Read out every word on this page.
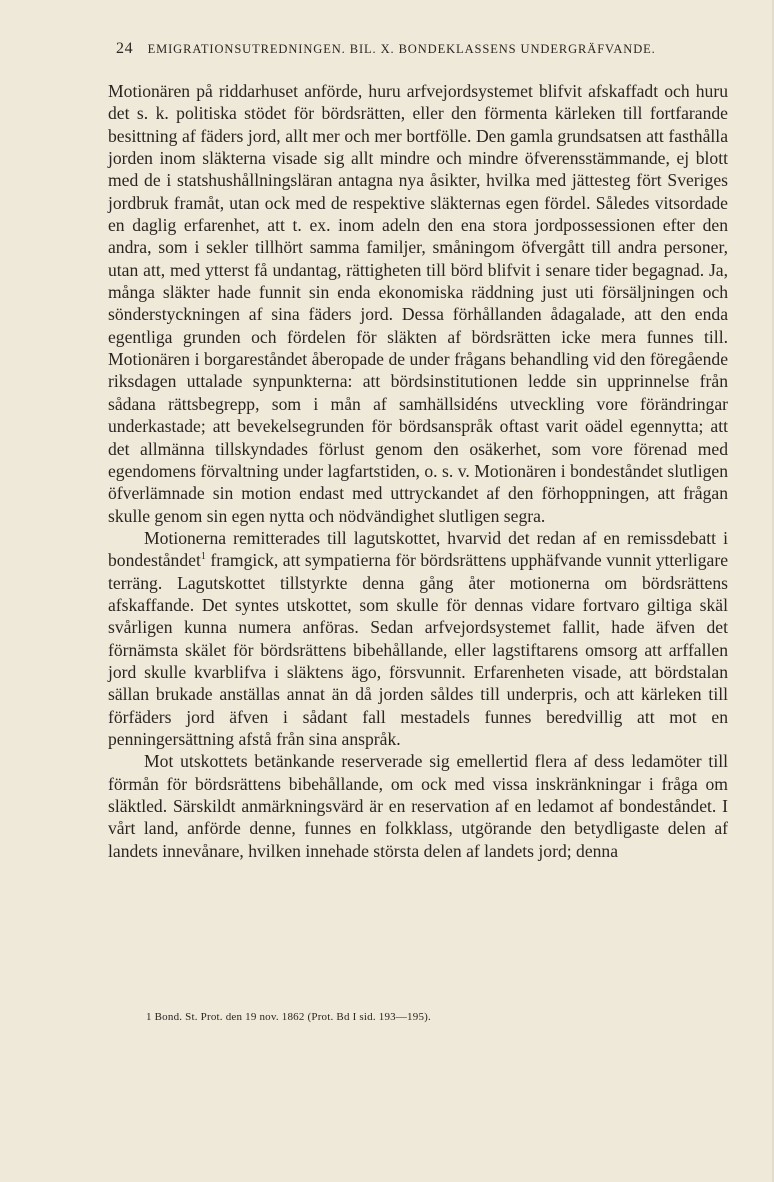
24 EMIGRATIONSUTREDNINGEN. BIL. X. BONDEKLASSENS UNDERGRÄFVANDE.

Motionären på riddarhuset anförde, huru arfvejordsystemet blifvit afskaffadt och huru det s. k. politiska stödet för bördsrätten, eller den förmenta kärleken till fortfarande besittning af fäders jord, allt mer och mer bortfölle. Den gamla grundsatsen att fasthålla jorden inom släkterna visade sig allt mindre och mindre öfverensstämmande, ej blott med de i statshushållningsläran antagna nya åsikter, hvilka med jättesteg fört Sveriges jordbruk framåt, utan ock med de respektive släkternas egen fördel. Således vitsordade en daglig erfarenhet, att t. ex. inom adeln den ena stora jordpossessionen efter den andra, som i sekler tillhört samma familjer, småningom öfvergått till andra personer, utan att, med ytterst få undantag, rättigheten till börd blifvit i senare tider begagnad. Ja, många släkter hade funnit sin enda ekonomiska räddning just uti försäljningen och sönderstyckningen af sina fäders jord. Dessa förhållanden ådagalade, att den enda egentliga grunden och fördelen för släkten af bördsrätten icke mera funnes till. Motionären i borgareståndet åberopade de under frågans behandling vid den föregående riksdagen uttalade synpunkterna: att bördsinstitutionen ledde sin upprinnelse från sådana rättsbegrepp, som i mån af samhällsidéns utveckling vore förändringar underkastade; att bevekelsegrunden för bördsanspråk oftast varit oädel egennytta; att det allmänna tillskyndades förlust genom den osäkerhet, som vore förenad med egendomens förvaltning under lagfartstiden, o. s. v. Motionären i bondeståndet slutligen öfverlämnade sin motion endast med uttryckandet af den förhoppningen, att frågan skulle genom sin egen nytta och nödvändighet slutligen segra.

Motionerna remitterades till lagutskottet, hvarvid det redan af en remissdebatt i bondeståndet$^1$ framgick, att sympatierna för bördsrättens upphäfvande vunnit ytterligare terräng. Lagutskottet tillstyrkte denna gång åter motionerna om bördsrättens afskaffande. Det syntes utskottet, som skulle för dennas vidare fortvaro giltiga skäl svårligen kunna numera anföras. Sedan arfvejordsystemet fallit, hade äfven det förnämsta skälet för bördsrättens bibehållande, eller lagstiftarens omsorg att arffallen jord skulle kvarblifva i släktens ägo, försvunnit. Erfarenheten visade, att bördstalan sällan brukade anställas annat än då jorden såldes till underpris, och att kärleken till förfäders jord äfven i sådant fall mestadels funnes beredvillig att mot en penningersättning afstå från sina anspråk.

Mot utskottets betänkande reserverade sig emellertid flera af dess ledamöter till förmån för bördsrättens bibehållande, om ock med vissa inskränkningar i fråga om släktled. Särskildt anmärkningsvärd är en reservation af en ledamot af bondeståndet. I vårt land, anförde denne, funnes en folkklass, utgörande den betydligaste delen af landets innevånare, hvilken innehade största delen af landets jord; denna

1 Bond. St. Prot. den 19 nov. 1862 (Prot. Bd I sid. 193—195).
